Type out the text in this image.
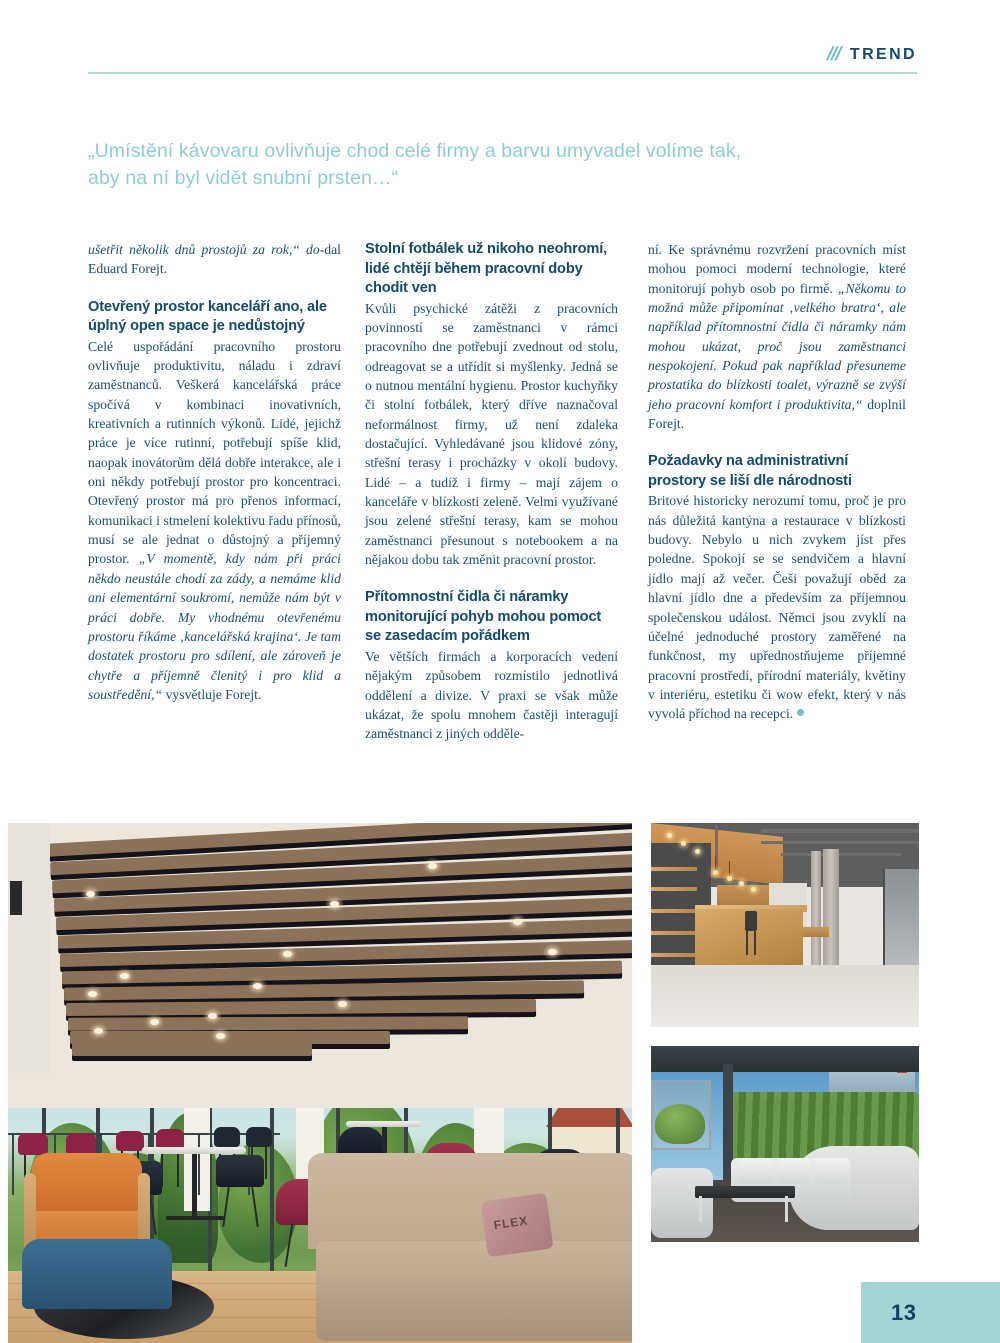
/// TREND
„Umístění kávovaru ovlivňuje chod celé firmy a barvu umyvadel volíme tak,
aby na ní byl vidět snubní prsten…“

ušetřit několik dnů prostojů za rok,“ do-dal Eduard Forejt.

Otevřený prostor kanceláří ano, ale úplný open space je nedůstojný

Celé uspořádání pracovního prostoru ovlivňuje produktivitu, náladu i zdraví zaměstnanců. Veškerá kancelářská práce spočívá v kombinaci inovativních, kreativních a rutinních výkonů. Lidé, jejichž práce je více rutinní, potřebují spíše klid, naopak inovátorům dělá dobře interakce, ale i oni někdy potřebují prostor pro koncentraci. Otevřený prostor má pro přenos informací, komunikaci i stmelení kolektivu řadu přínosů, musí se ale jednat o důstojný a příjemný prostor. „V momentě, kdy nám při práci někdo neustále chodí za zády, a nemáme klid ani elementární soukromí, nemůže nám být v práci dobře. My vhodnému otevřenému prostoru říkáme ‚kancelářská krajina‘. Je tam dostatek prostoru pro sdílení, ale zároveň je chytře a příjemně členitý i pro klid a soustředění,“ vysvětluje Forejt.

Stolní fotbálek už nikoho neohromí, lidé chtějí během pracovní doby chodit ven

Kvůli psychické zátěži z pracovních povinností se zaměstnanci v rámci pracovního dne potřebují zvednout od stolu, odreagovat se a utřídit si myšlenky. Jedná se o nutnou mentální hygienu. Prostor kuchyňky či stolní fotbálek, který dříve naznačoval neformálnost firmy, už není zdaleka dostačující. Vyhledávané jsou klidové zóny, střešní terasy i procházky v okolí budovy. Lidé – a tudíž i firmy – mají zájem o kanceláře v blízkosti zeleně. Velmi využívané jsou zelené střešní terasy, kam se mohou zaměstnanci přesunout s notebookem a na nějakou dobu tak změnit pracovní prostor.

Přítomnostní čidla či náramky monitorující pohyb mohou pomoct se zasedacím pořádkem

Ve větších firmách a korporacích vedení nějakým způsobem rozmístilo jednotlivá oddělení a divize. V praxi se však může ukázat, že spolu mnohem častěji interagují zaměstnanci z jiných odděle-

ní. Ke správnému rozvržení pracovních míst mohou pomoci moderní technologie, které monitorují pohyb osob po firmě. „Někomu to možná může připomínat ‚velkého bratra‘, ale například přítomnostní čidla či náramky nám mohou ukázat, proč jsou zaměstnanci nespokojení. Pokud pak například přesuneme prostatika do blízkosti toalet, výrazně se zvýší jeho pracovní komfort i produktivita,“ doplnil Forejt.

Požadavky na administrativní prostory se liší dle národnosti

Britové historicky nerozumí tomu, proč je pro nás důležitá kantýna a restaurace v blízkosti budovy. Nebylo u nich zvykem jíst přes poledne. Spokojí se se sendvičem a hlavní jídlo mají až večer. Češi považují oběd za hlavní jídlo dne a především za příjemnou společenskou událost. Němci jsou zvyklí na účelné jednoduché prostory zaměřené na funkčnost, my upřednostňujeme příjemné pracovní prostředí, přírodní materiály, květiny v interiéru, estetiku či wow efekt, který v nás vyvolá příchod na recepci.

FLEX
13
